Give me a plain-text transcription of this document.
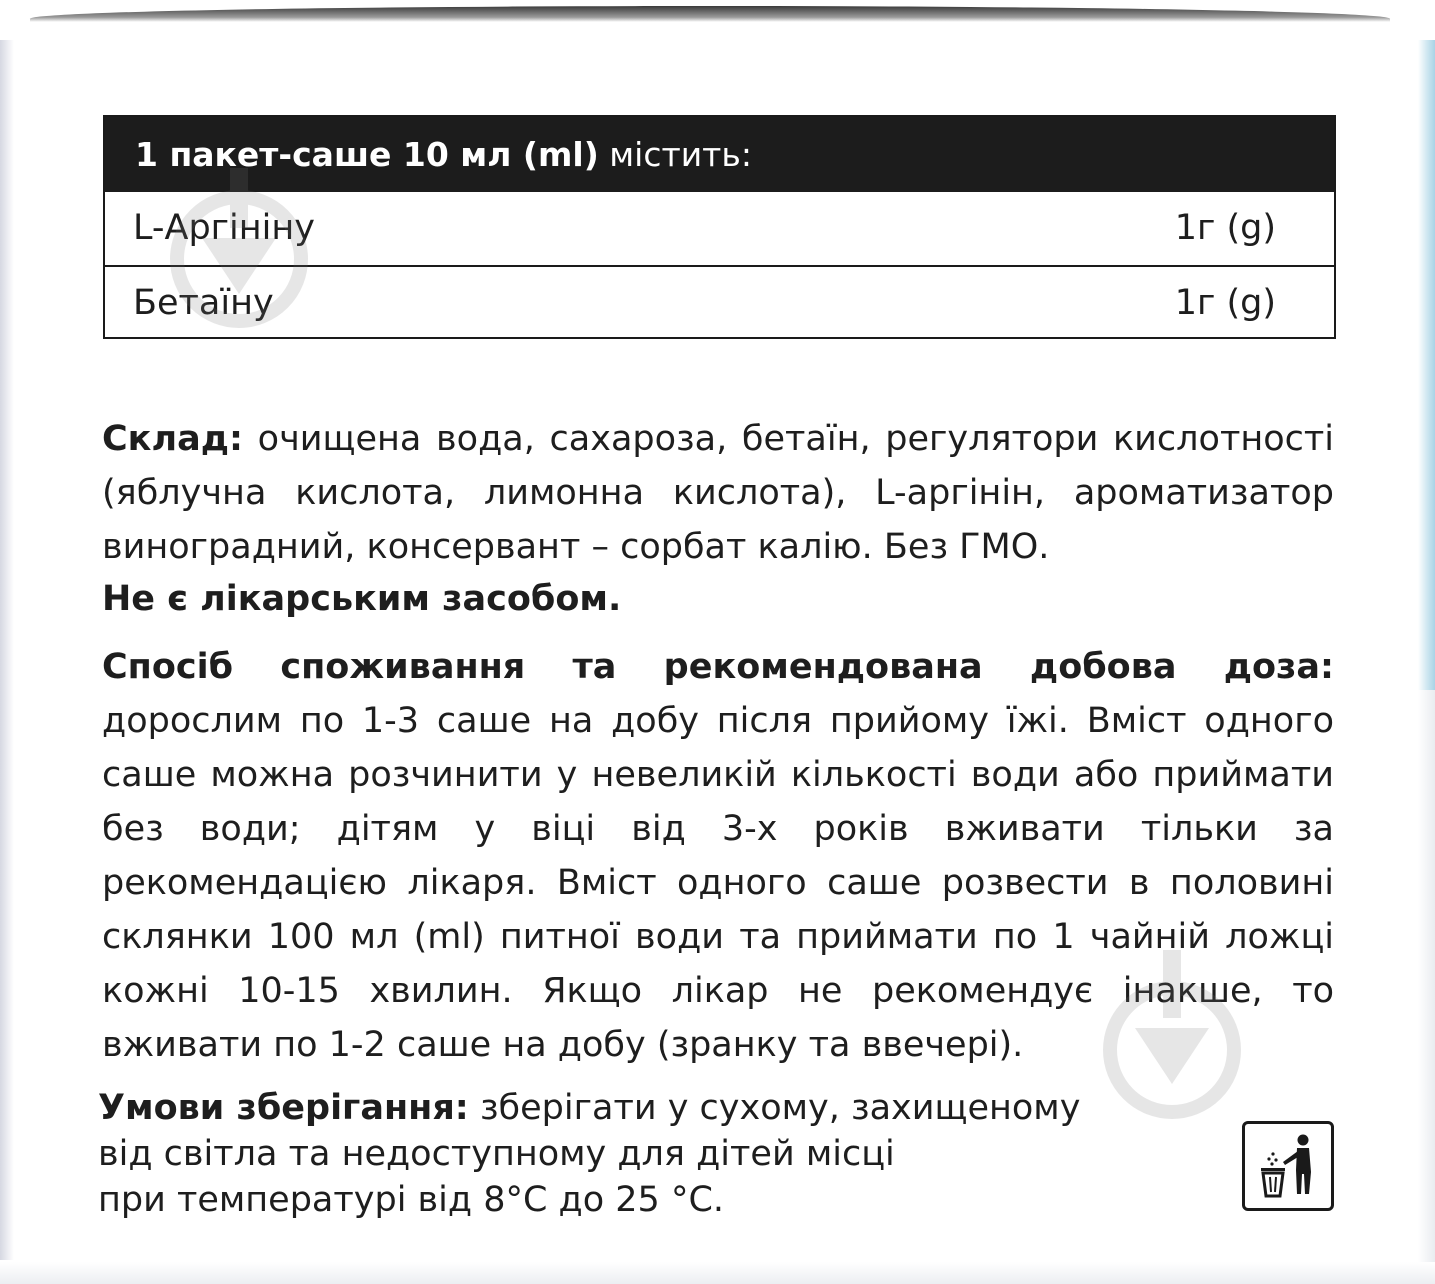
1 пакет-саше 10 мл (ml) містить:
L-Аргініну	1г (g)
Бетаїну	1г (g)

Склад: очищена вода, сахароза, бетаїн, регулятори кислотності (яблучна кислота, лимонна кислота), L-аргінін, ароматизатор виноградний, консервант – сорбат калію. Без ГМО.

Не є лікарським засобом.

Спосіб споживання та рекомендована добова доза: дорослим по 1-3 саше на добу після прийому їжі. Вміст одного саше можна розчинити у невеликій кількості води або приймати без води; дітям у віці від 3-х років вживати тільки за рекомендацією лікаря. Вміст одного саше розвести в половині склянки 100 мл (ml) питної води та приймати по 1 чайній ложці кожні 10-15 хвилин. Якщо лікар не рекомендує інакше, то вживати по 1-2 саше на добу (зранку та ввечері).

Умови зберігання: зберігати у сухому, захищеному
від світла та недоступному для дітей місці
при температурі від 8°C до 25 °C.
